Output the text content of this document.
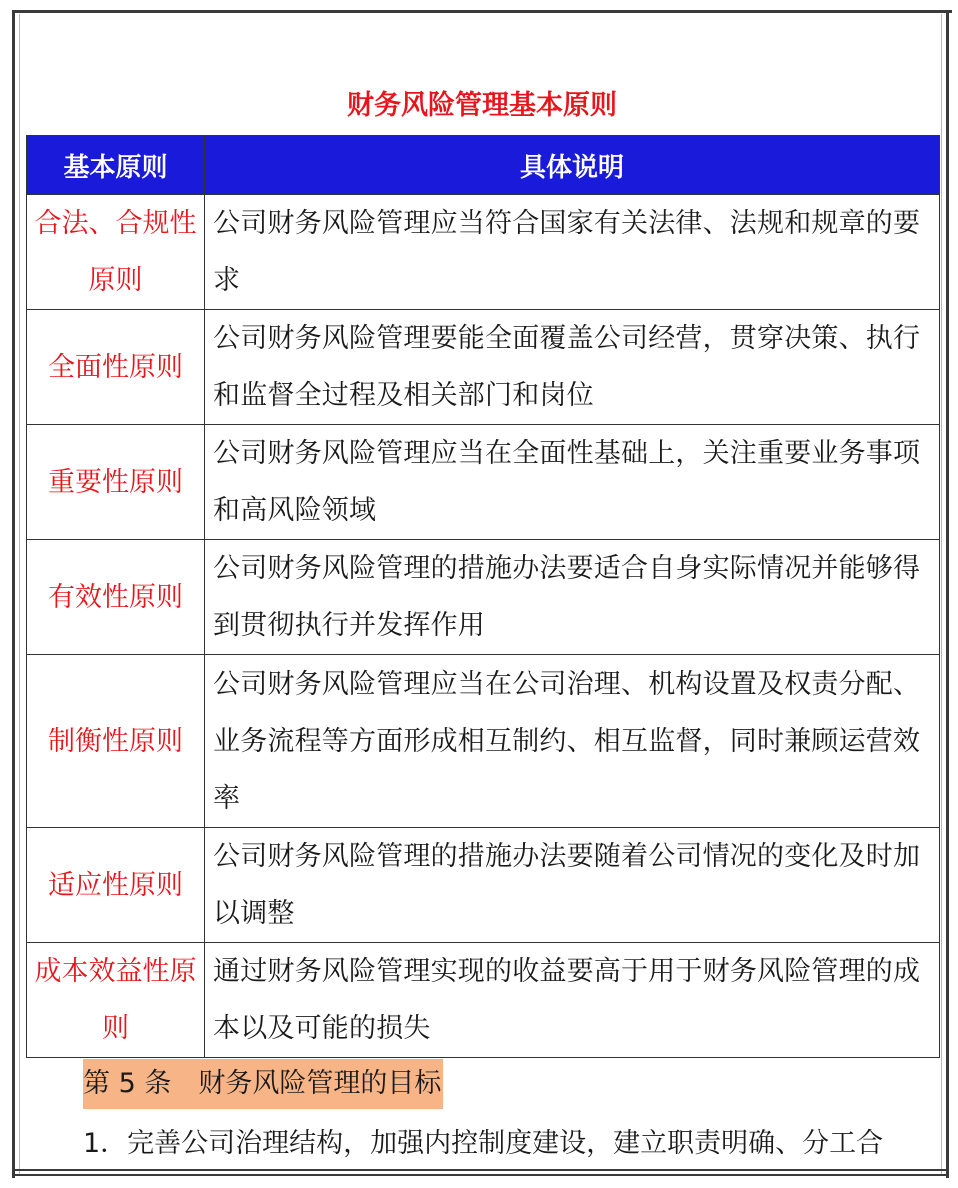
财务风险管理基本原则
基本原则	具体说明
合法、合规性原则	公司财务风险管理应当符合国家有关法律、法规和规章的要求
全面性原则	公司财务风险管理要能全面覆盖公司经营，贯穿决策、执行和监督全过程及相关部门和岗位
重要性原则	公司财务风险管理应当在全面性基础上，关注重要业务事项和高风险领域
有效性原则	公司财务风险管理的措施办法要适合自身实际情况并能够得到贯彻执行并发挥作用
制衡性原则	公司财务风险管理应当在公司治理、机构设置及权责分配、业务流程等方面形成相互制约、相互监督，同时兼顾运营效率
适应性原则	公司财务风险管理的措施办法要随着公司情况的变化及时加以调整
成本效益性原则	通过财务风险管理实现的收益要高于用于财务风险管理的成本以及可能的损失
第 5 条　财务风险管理的目标
1．完善公司治理结构，加强内控制度建设，建立职责明确、分工合
